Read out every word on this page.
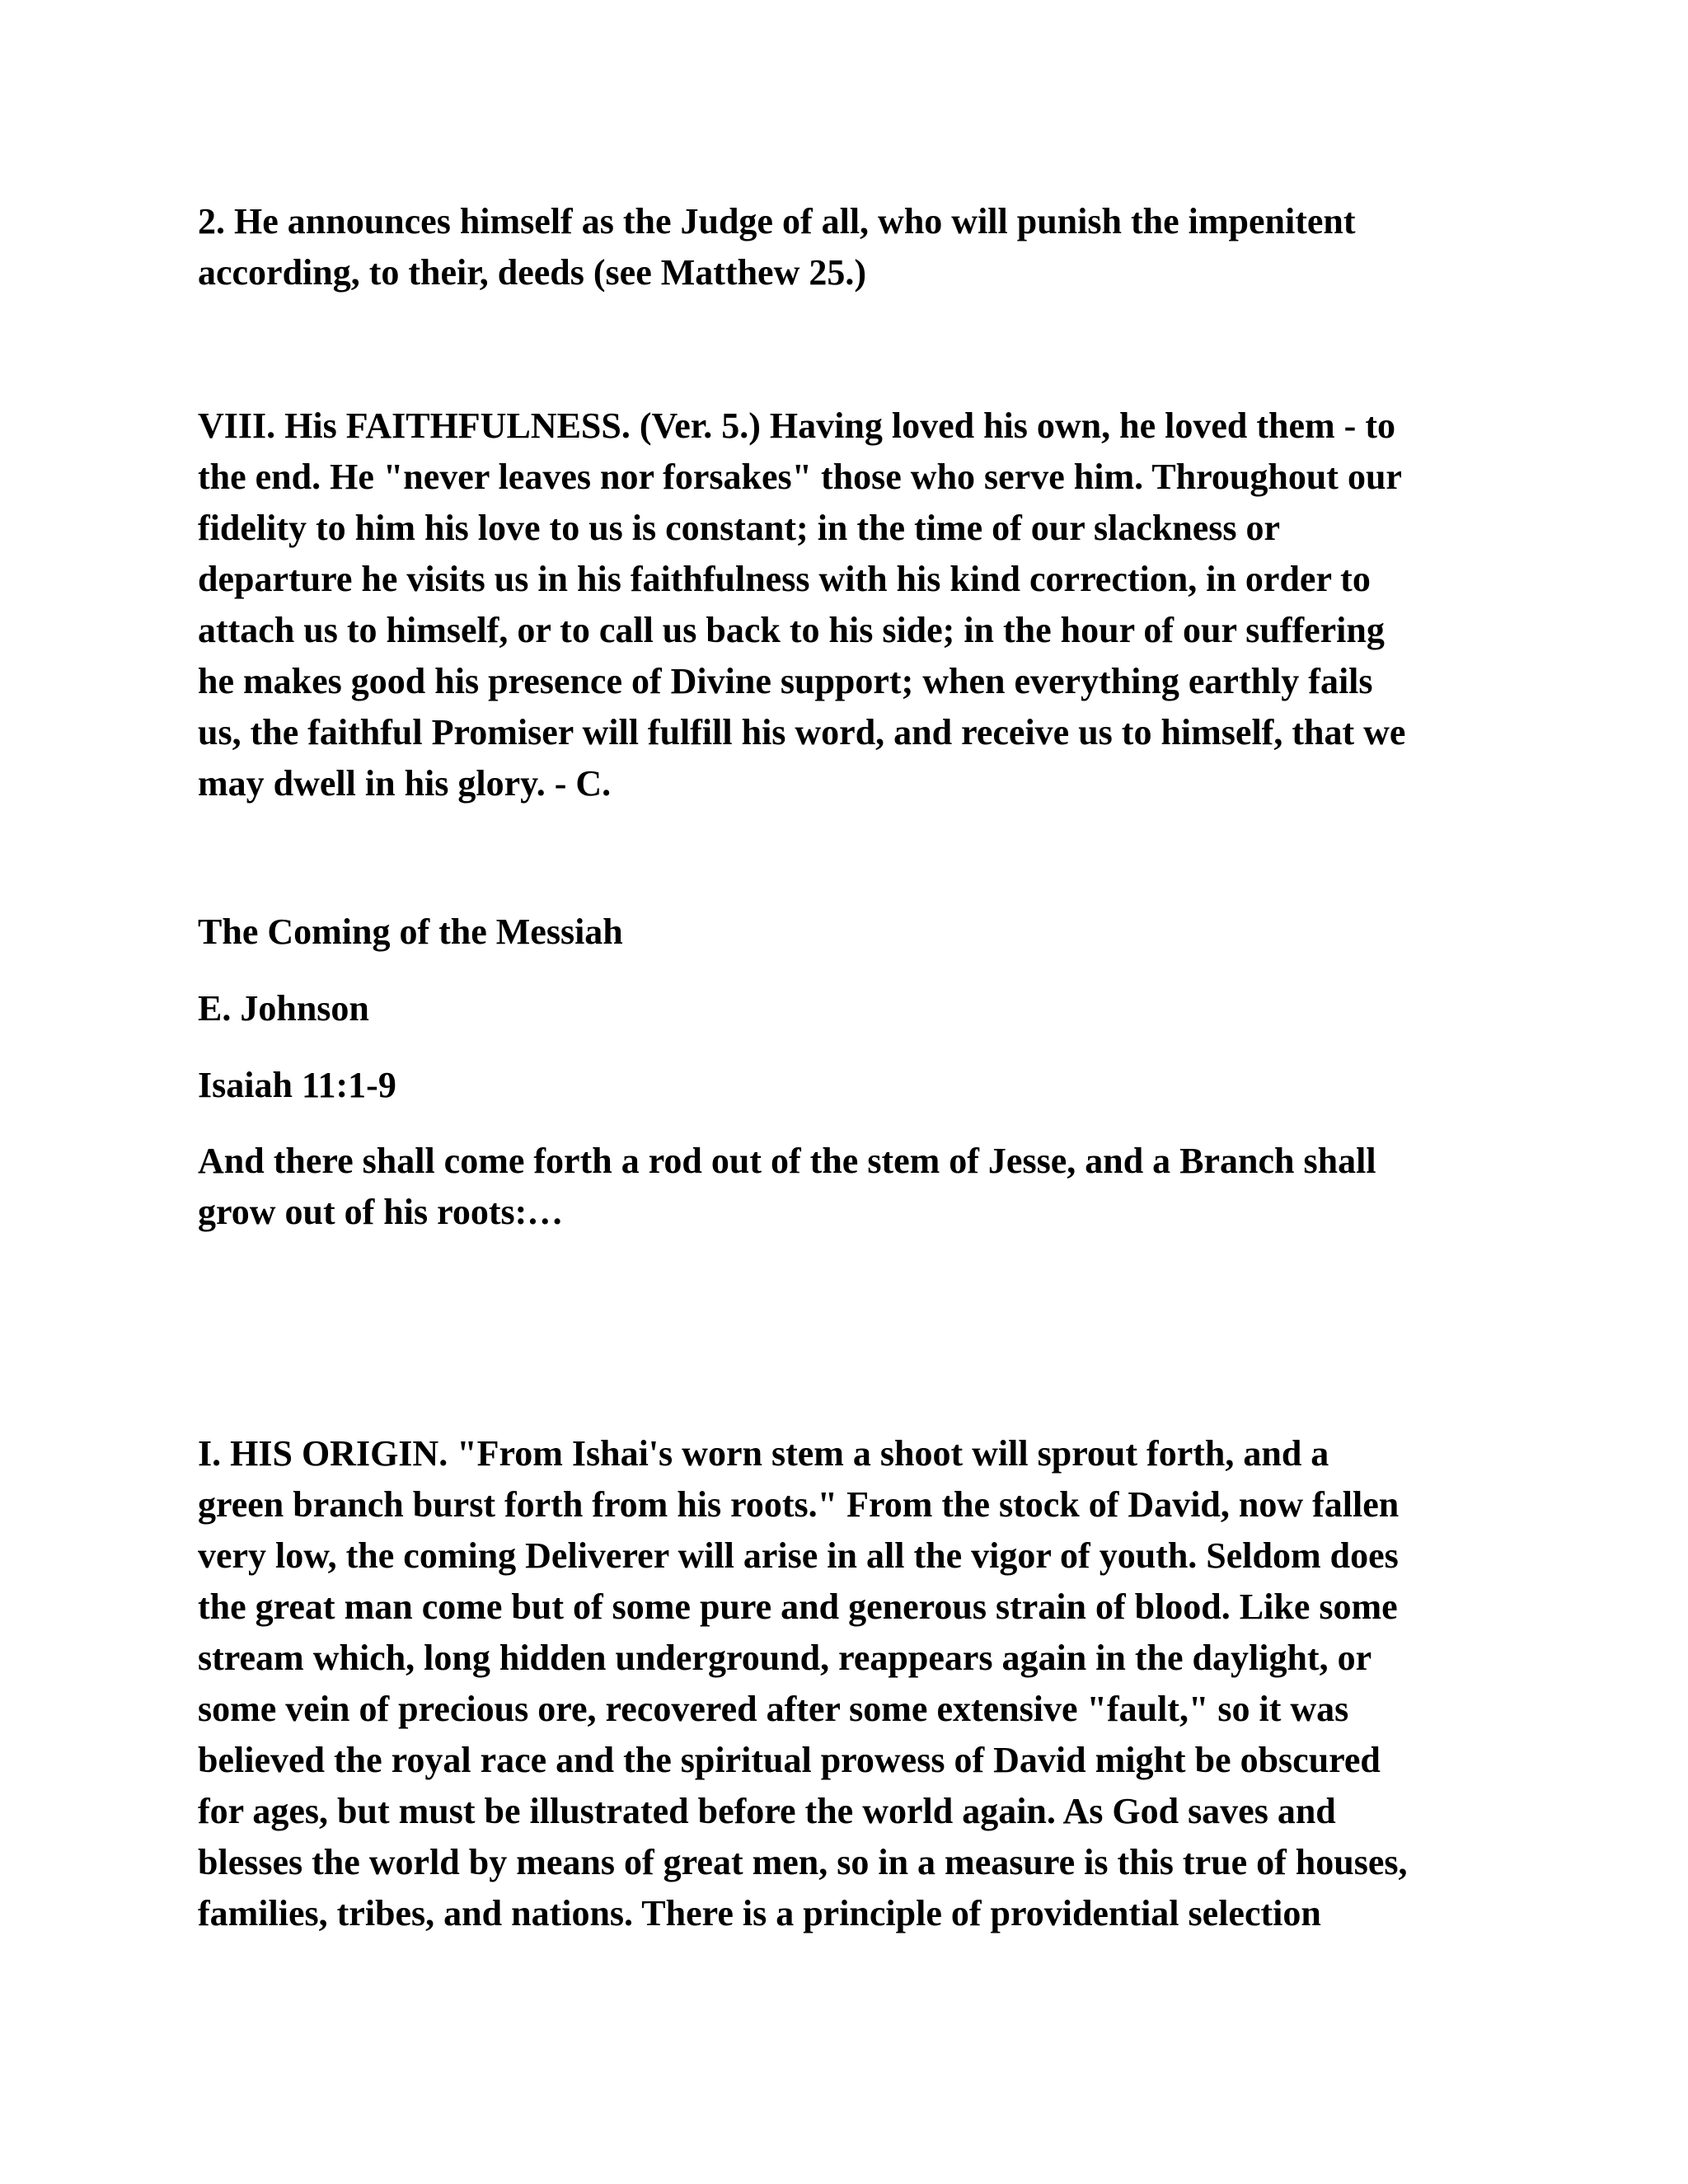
2. He announces himself as the Judge of all, who will punish the impenitent
according, to their, deeds (see Matthew 25.)

VIII. His FAITHFULNESS. (Ver. 5.) Having loved his own, he loved them - to
the end. He "never leaves nor forsakes" those who serve him. Throughout our
fidelity to him his love to us is constant; in the time of our slackness or
departure he visits us in his faithfulness with his kind correction, in order to
attach us to himself, or to call us back to his side; in the hour of our suffering
he makes good his presence of Divine support; when everything earthly fails
us, the faithful Promiser will fulfill his word, and receive us to himself, that we
may dwell in his glory. - C.

The Coming of the Messiah

E. Johnson

Isaiah 11:1-9

And there shall come forth a rod out of the stem of Jesse, and a Branch shall
grow out of his roots:…

I. HIS ORIGIN. "From Ishai's worn stem a shoot will sprout forth, and a
green branch burst forth from his roots." From the stock of David, now fallen
very low, the coming Deliverer will arise in all the vigor of youth. Seldom does
the great man come but of some pure and generous strain of blood. Like some
stream which, long hidden underground, reappears again in the daylight, or
some vein of precious ore, recovered after some extensive "fault," so it was
believed the royal race and the spiritual prowess of David might be obscured
for ages, but must be illustrated before the world again. As God saves and
blesses the world by means of great men, so in a measure is this true of houses,
families, tribes, and nations. There is a principle of providential selection
